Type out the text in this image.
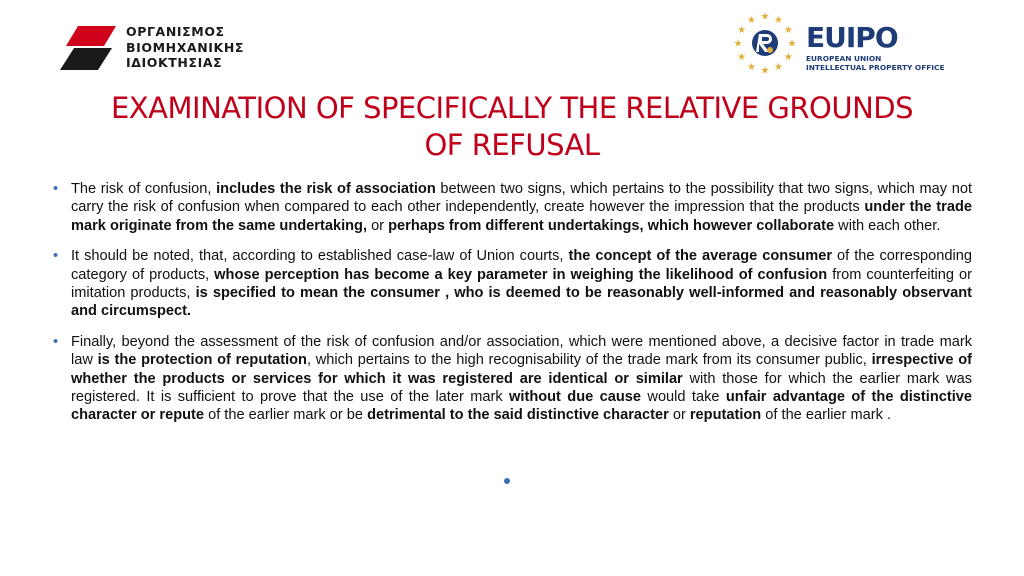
ΟΡΓΑΝΙΣΜΟΣ
ΒΙΟΜΗΧΑΝΙΚΗΣ
ΙΔΙΟΚΤΗΣΙΑΣ
★
★
★
★
★
★
★
★
★ ★ ★
★ EUIPO
EUROPEAN UNION
INTELLECTUAL PROPERTY OFFICE
EXAMINATION OF SPECIFICALLY THE RELATIVE GROUNDS
OF REFUSAL
• The risk of confusion, includes the risk of association between two signs, which pertains to the possibility that two signs, which may not carry the risk of confusion when compared to each other independently, create however the impression that the products under the trade mark originate from the same undertaking, or perhaps from different undertakings, which however collaborate with each other.
• It should be noted, that, according to established case-law of Union courts, the concept of the average consumer of the corresponding category of products, whose perception has become a key parameter in weighing the likelihood of confusion from counterfeiting or imitation products, is specified to mean the consumer , who is deemed to be reasonably well-informed and reasonably observant and circumspect.
• Finally, beyond the assessment of the risk of confusion and/or association, which were mentioned above, a decisive factor in trade mark law is the protection of reputation, which pertains to the high recognisability of the trade mark from its consumer public, irrespective of whether the products or services for which it was registered are identical or similar with those for which the earlier mark was registered. It is sufficient to prove that the use of the later mark without due cause would take unfair advantage of the distinctive character or repute of the earlier mark or be detrimental to the said distinctive character or reputation of the earlier mark .
